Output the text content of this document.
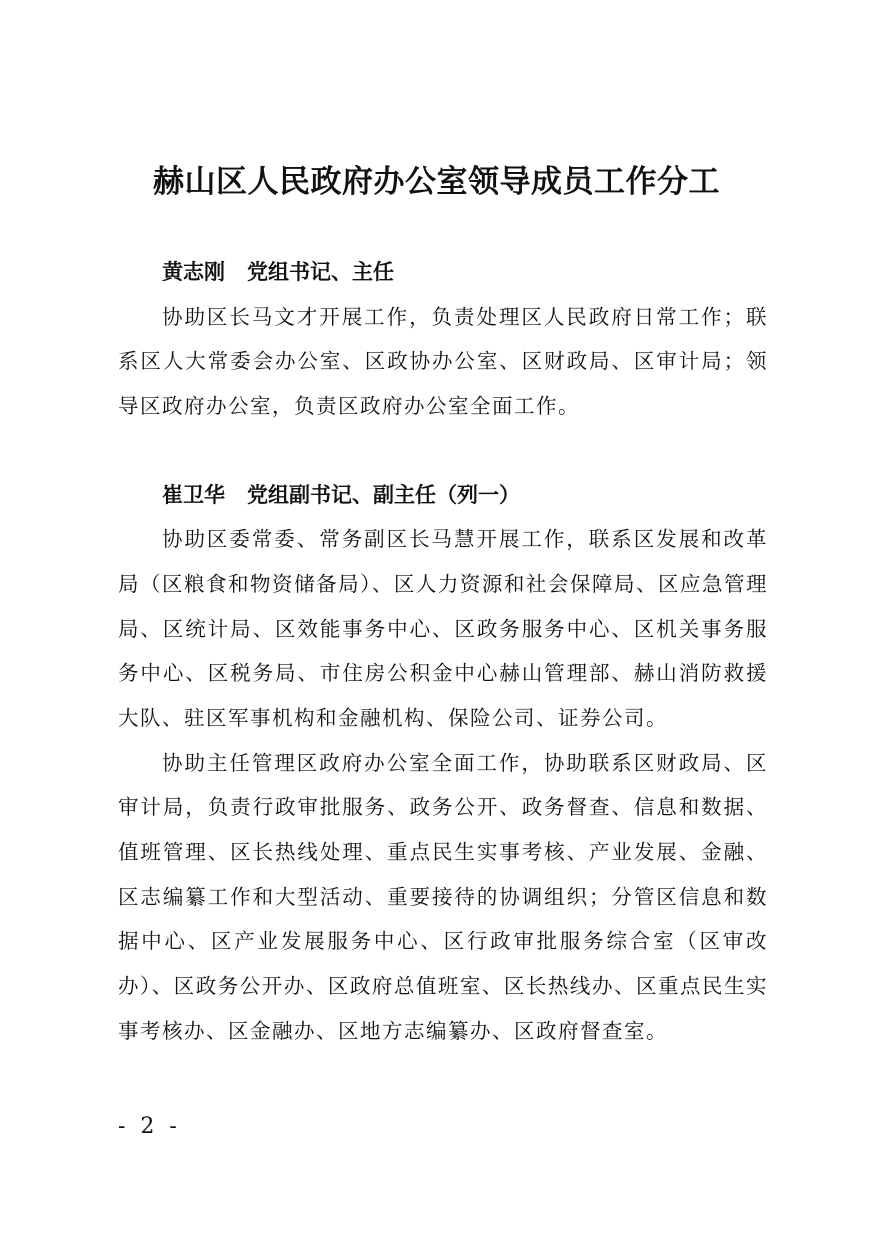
赫山区人民政府办公室领导成员工作分工

黄志刚 党组书记、主任

协助区长马文才开展工作，负责处理区人民政府日常工作；联系区人大常委会办公室、区政协办公室、区财政局、区审计局；领导区政府办公室，负责区政府办公室全面工作。

崔卫华 党组副书记、副主任（列一）

协助区委常委、常务副区长马慧开展工作，联系区发展和改革局（区粮食和物资储备局）、区人力资源和社会保障局、区应急管理局、区统计局、区效能事务中心、区政务服务中心、区机关事务服务中心、区税务局、市住房公积金中心赫山管理部、赫山消防救援大队、驻区军事机构和金融机构、保险公司、证券公司。

协助主任管理区政府办公室全面工作，协助联系区财政局、区审计局，负责行政审批服务、政务公开、政务督查、信息和数据、值班管理、区长热线处理、重点民生实事考核、产业发展、金融、区志编纂工作和大型活动、重要接待的协调组织；分管区信息和数据中心、区产业发展服务中心、区行政审批服务综合室（区审改办）、区政务公开办、区政府总值班室、区长热线办、区重点民生实事考核办、区金融办、区地方志编纂办、区政府督查室。

- 2 -
